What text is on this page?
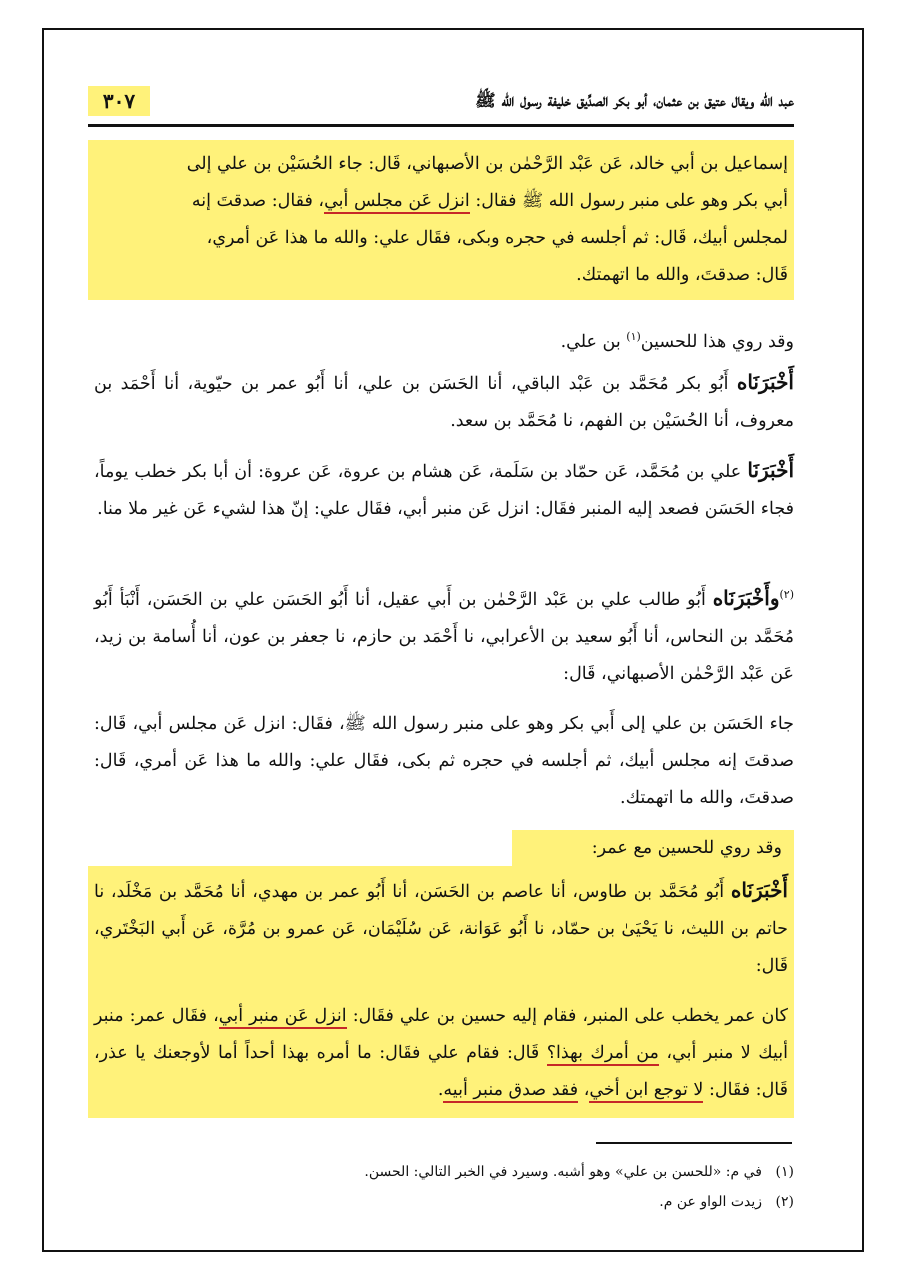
عبد الله ويقال عتيق بن عثمان، أبو بكر الصدِّيق خليفة رسول الله ﷺ
٣٠٧
إسماعيل بن أبي خالد، عَن عَبْد الرَّحْمٰن بن الأصبهاني، قَال: جاء الحُسَيْن بن علي إلى
أبي بكر وهو على منبر رسول الله ﷺ فقال: انزل عَن مجلس أبي، فقال: صدقتَ إنه
لمجلس أبيك، قَال: ثم أجلسه في حجره وبكى، فقَال علي: والله ما هذا عَن أمري،
قَال: صدقتَ، والله ما اتهمتك.
وقد روي هذا للحسين$^{(١)}$ بن علي.
أَخْبَرَنَاه أَبُو بكر مُحَمَّد بن عَبْد الباقي، أنا الحَسَن بن علي، أنا أَبُو عمر بن حيّوية، أنا أَحْمَد بن معروف، أنا الحُسَيْن بن الفهم، نا مُحَمَّد بن سعد.
أَخْبَرَنَا علي بن مُحَمَّد، عَن حمّاد بن سَلَمة، عَن هشام بن عروة، عَن عروة: أن أبا بكر خطب يوماً، فجاء الحَسَن فصعد إليه المنبر فقَال: انزل عَن منبر أبي، فقَال علي: إنّ هذا لشيء عَن غير ملا منا.
$^{(٢)}$وأَخْبَرَنَاه أَبُو طالب علي بن عَبْد الرَّحْمٰن بن أَبي عقيل، أنا أَبُو الحَسَن علي بن الحَسَن، أَنْبَأ أَبُو مُحَمَّد بن النحاس، أنا أَبُو سعيد بن الأعرابي، نا أَحْمَد بن حازم، نا جعفر بن عون، أنا أُسامة بن زيد، عَن عَبْد الرَّحْمٰن الأصبهاني، قَال:
جاء الحَسَن بن علي إلى أَبي بكر وهو على منبر رسول الله ﷺ، فقَال: انزل عَن مجلس أبي، قَال: صدقتَ إنه مجلس أبيك، ثم أجلسه في حجره ثم بكى، فقَال علي: والله ما هذا عَن أمري، قَال: صدقتَ، والله ما اتهمتك.
وقد روي للحسين مع عمر:
أَخْبَرَنَاه أَبُو مُحَمَّد بن طاوس، أنا عاصم بن الحَسَن، أنا أَبُو عمر بن مهدي، أنا مُحَمَّد بن مَخْلَد، نا حاتم بن الليث، نا يَحْيَىٰ بن حمّاد، نا أَبُو عَوَانة، عَن سُلَيْمَان، عَن عمرو بن مُرَّة، عَن أَبي البَخْتَري، قَال:
كان عمر يخطب على المنبر، فقام إليه حسين بن علي فقَال: انزل عَن منبر أبي، فقَال عمر: منبر أبيك لا منبر أبي، من أمرك بهذا؟ قَال: فقام علي فقَال: ما أمره بهذا أحداً أما لأوجعنك يا عذر، قَال: فقَال: لا توجع ابن أخي، فقد صدق منبر أبيه.
(١)في م: «للحسن بن علي» وهو أشبه. وسيرد في الخبر التالي: الحسن.
(٢)زيدت الواو عن م.
